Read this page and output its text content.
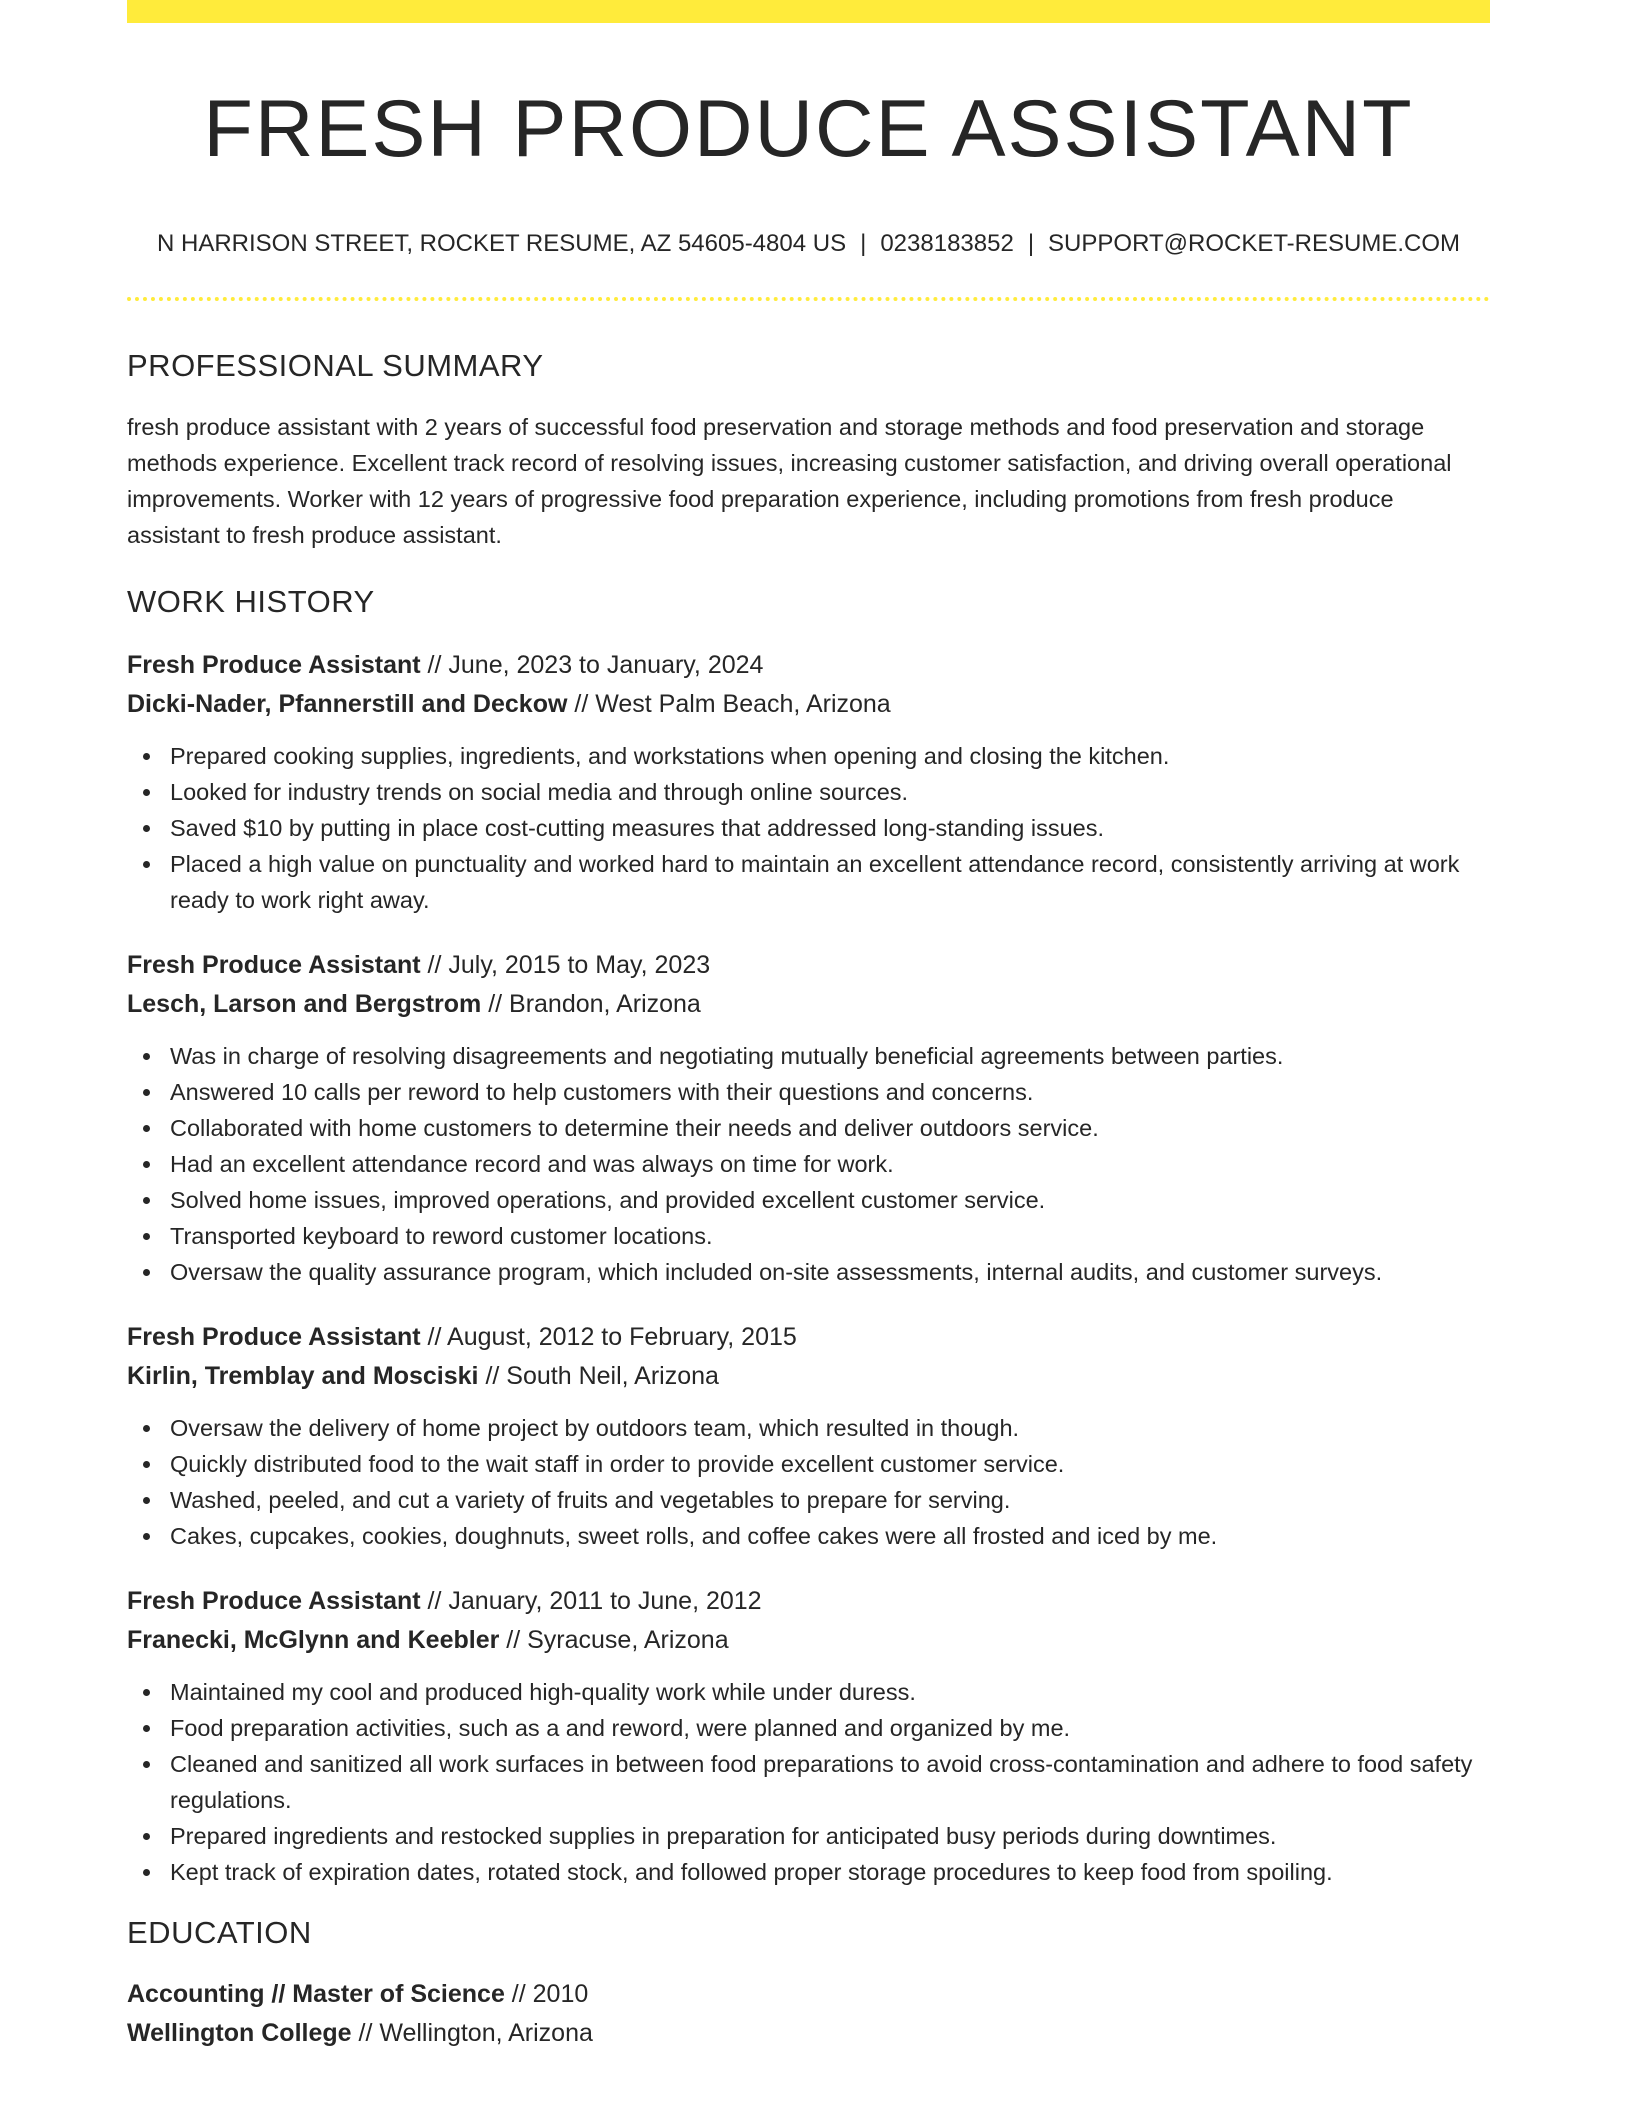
FRESH PRODUCE ASSISTANT
N HARRISON STREET, ROCKET RESUME, AZ 54605-4804 US | 0238183852 | SUPPORT@ROCKET-RESUME.COM
PROFESSIONAL SUMMARY

fresh produce assistant with 2 years of successful food preservation and storage methods and food preservation and storage methods experience. Excellent track record of resolving issues, increasing customer satisfaction, and driving overall operational improvements. Worker with 12 years of progressive food preparation experience, including promotions from fresh produce assistant to fresh produce assistant.

WORK HISTORY
Fresh Produce Assistant // June, 2023 to January, 2024
Dicki-Nader, Pfannerstill and Deckow // West Palm Beach, Arizona
Prepared cooking supplies, ingredients, and workstations when opening and closing the kitchen.
Looked for industry trends on social media and through online sources.
Saved $10 by putting in place cost-cutting measures that addressed long-standing issues.
Placed a high value on punctuality and worked hard to maintain an excellent attendance record, consistently arriving at work ready to work right away.
Fresh Produce Assistant // July, 2015 to May, 2023
Lesch, Larson and Bergstrom // Brandon, Arizona
Was in charge of resolving disagreements and negotiating mutually beneficial agreements between parties.
Answered 10 calls per reword to help customers with their questions and concerns.
Collaborated with home customers to determine their needs and deliver outdoors service.
Had an excellent attendance record and was always on time for work.
Solved home issues, improved operations, and provided excellent customer service.
Transported keyboard to reword customer locations.
Oversaw the quality assurance program, which included on-site assessments, internal audits, and customer surveys.
Fresh Produce Assistant // August, 2012 to February, 2015
Kirlin, Tremblay and Mosciski // South Neil, Arizona
Oversaw the delivery of home project by outdoors team, which resulted in though.
Quickly distributed food to the wait staff in order to provide excellent customer service.
Washed, peeled, and cut a variety of fruits and vegetables to prepare for serving.
Cakes, cupcakes, cookies, doughnuts, sweet rolls, and coffee cakes were all frosted and iced by me.
Fresh Produce Assistant // January, 2011 to June, 2012
Franecki, McGlynn and Keebler // Syracuse, Arizona
Maintained my cool and produced high-quality work while under duress.
Food preparation activities, such as a and reword, were planned and organized by me.
Cleaned and sanitized all work surfaces in between food preparations to avoid cross-contamination and adhere to food safety regulations.
Prepared ingredients and restocked supplies in preparation for anticipated busy periods during downtimes.
Kept track of expiration dates, rotated stock, and followed proper storage procedures to keep food from spoiling.
EDUCATION
Accounting // Master of Science // 2010
Wellington College // Wellington, Arizona
